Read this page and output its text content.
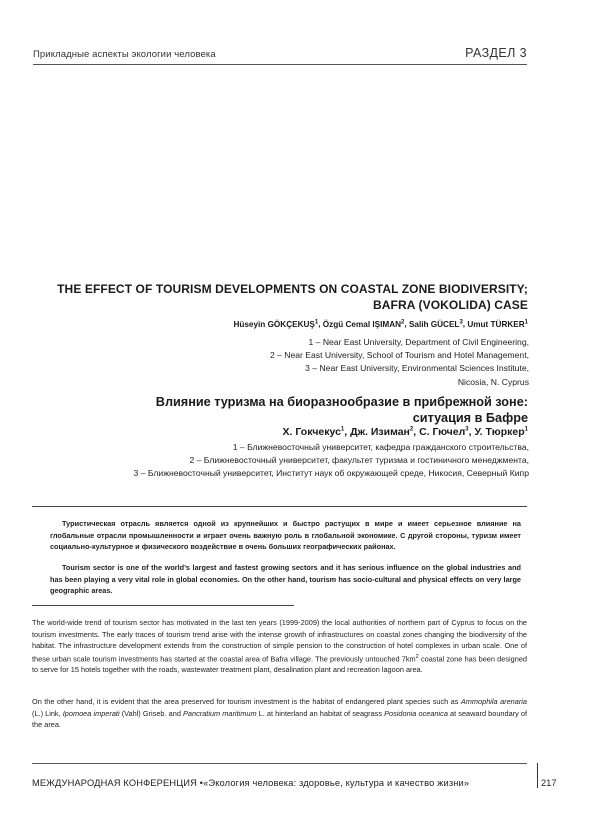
Прикладные аспекты экологии человека	РАЗДЕЛ 3
THE EFFECT OF TOURISM DEVELOPMENTS ON COASTAL ZONE BIODIVERSITY;
BAFRA (VOKOLIDA) CASE
Hüseyin GÖKÇEKUŞ$^1$, Özgü Cemal IŞIMAN$^2$, Salih GÜCEL$^3$, Umut TÜRKER$^1$
1 – Near East University, Department of Civil Engineering,
2 – Near East University, School of Tourism and Hotel Management,
3 – Near East University, Environmental Sciences Institute,
Nicosia, N. Cyprus
Влияние туризма на биоразнообразие в прибрежной зоне:
ситуация в Бафре
Х. Гокчекус$^1$, Дж. Изиман$^2$, С. Гючел$^3$, У. Тюркер$^1$
1 – Ближневосточный университет, кафедра гражданского строительства,
2 – Ближневосточный университет, факультет туризма и гостиничного менеджмента,
3 – Ближневосточный университет, Институт наук об окружающей среде, Никосия, Северный Кипр
Туристическая отрасль является одной из крупнейших и быстро растущих в мире и имеет серьезное влияние на глобальные отрасли промышленности и играет очень важную роль в глобальной экономике. С другой стороны, туризм имеет социально-культурное и физического воздействие в очень больших географических районах.
Tourism sector is one of the world’s largest and fastest growing sectors and it has serious influence on the global industries and has been playing a very vital role in global economies. On the other hand, tourism has socio-cultural and physical effects on very large geographic areas.
The world-wide trend of tourism sector has motivated in the last ten years (1999-2009) the local authorities of northern part of Cyprus to focus on the tourism investments. The early traces of tourism trend arise with the intense growth of infrastructures on coastal zones changing the biodiversity of the habitat. The infrastructure development extends from the construction of simple pension to the construction of hotel complexes in urban scale. One of these urban scale tourism investments has started at the coastal area of Bafra village. The previously untouched $7km^2$ coastal zone has been designed to serve for 15 hotels together with the roads, wastewater treatment plant, desalination plant and recreation lagoon area.
On the other hand, it is evident that the area preserved for tourism investment is the habitat of endangered plant species such as Ammophila arenaria (L.) Link, Ipomoea imperati (Vahl) Griseb. and Pancratium maritimum L. at hinterland an habitat of seagrass Posidonia oceanica at seaward boundary of the area.
МЕЖДУНАРОДНАЯ КОНФЕРЕНЦИЯ •«Экология человека: здоровье, культура и качество жизни»	217
